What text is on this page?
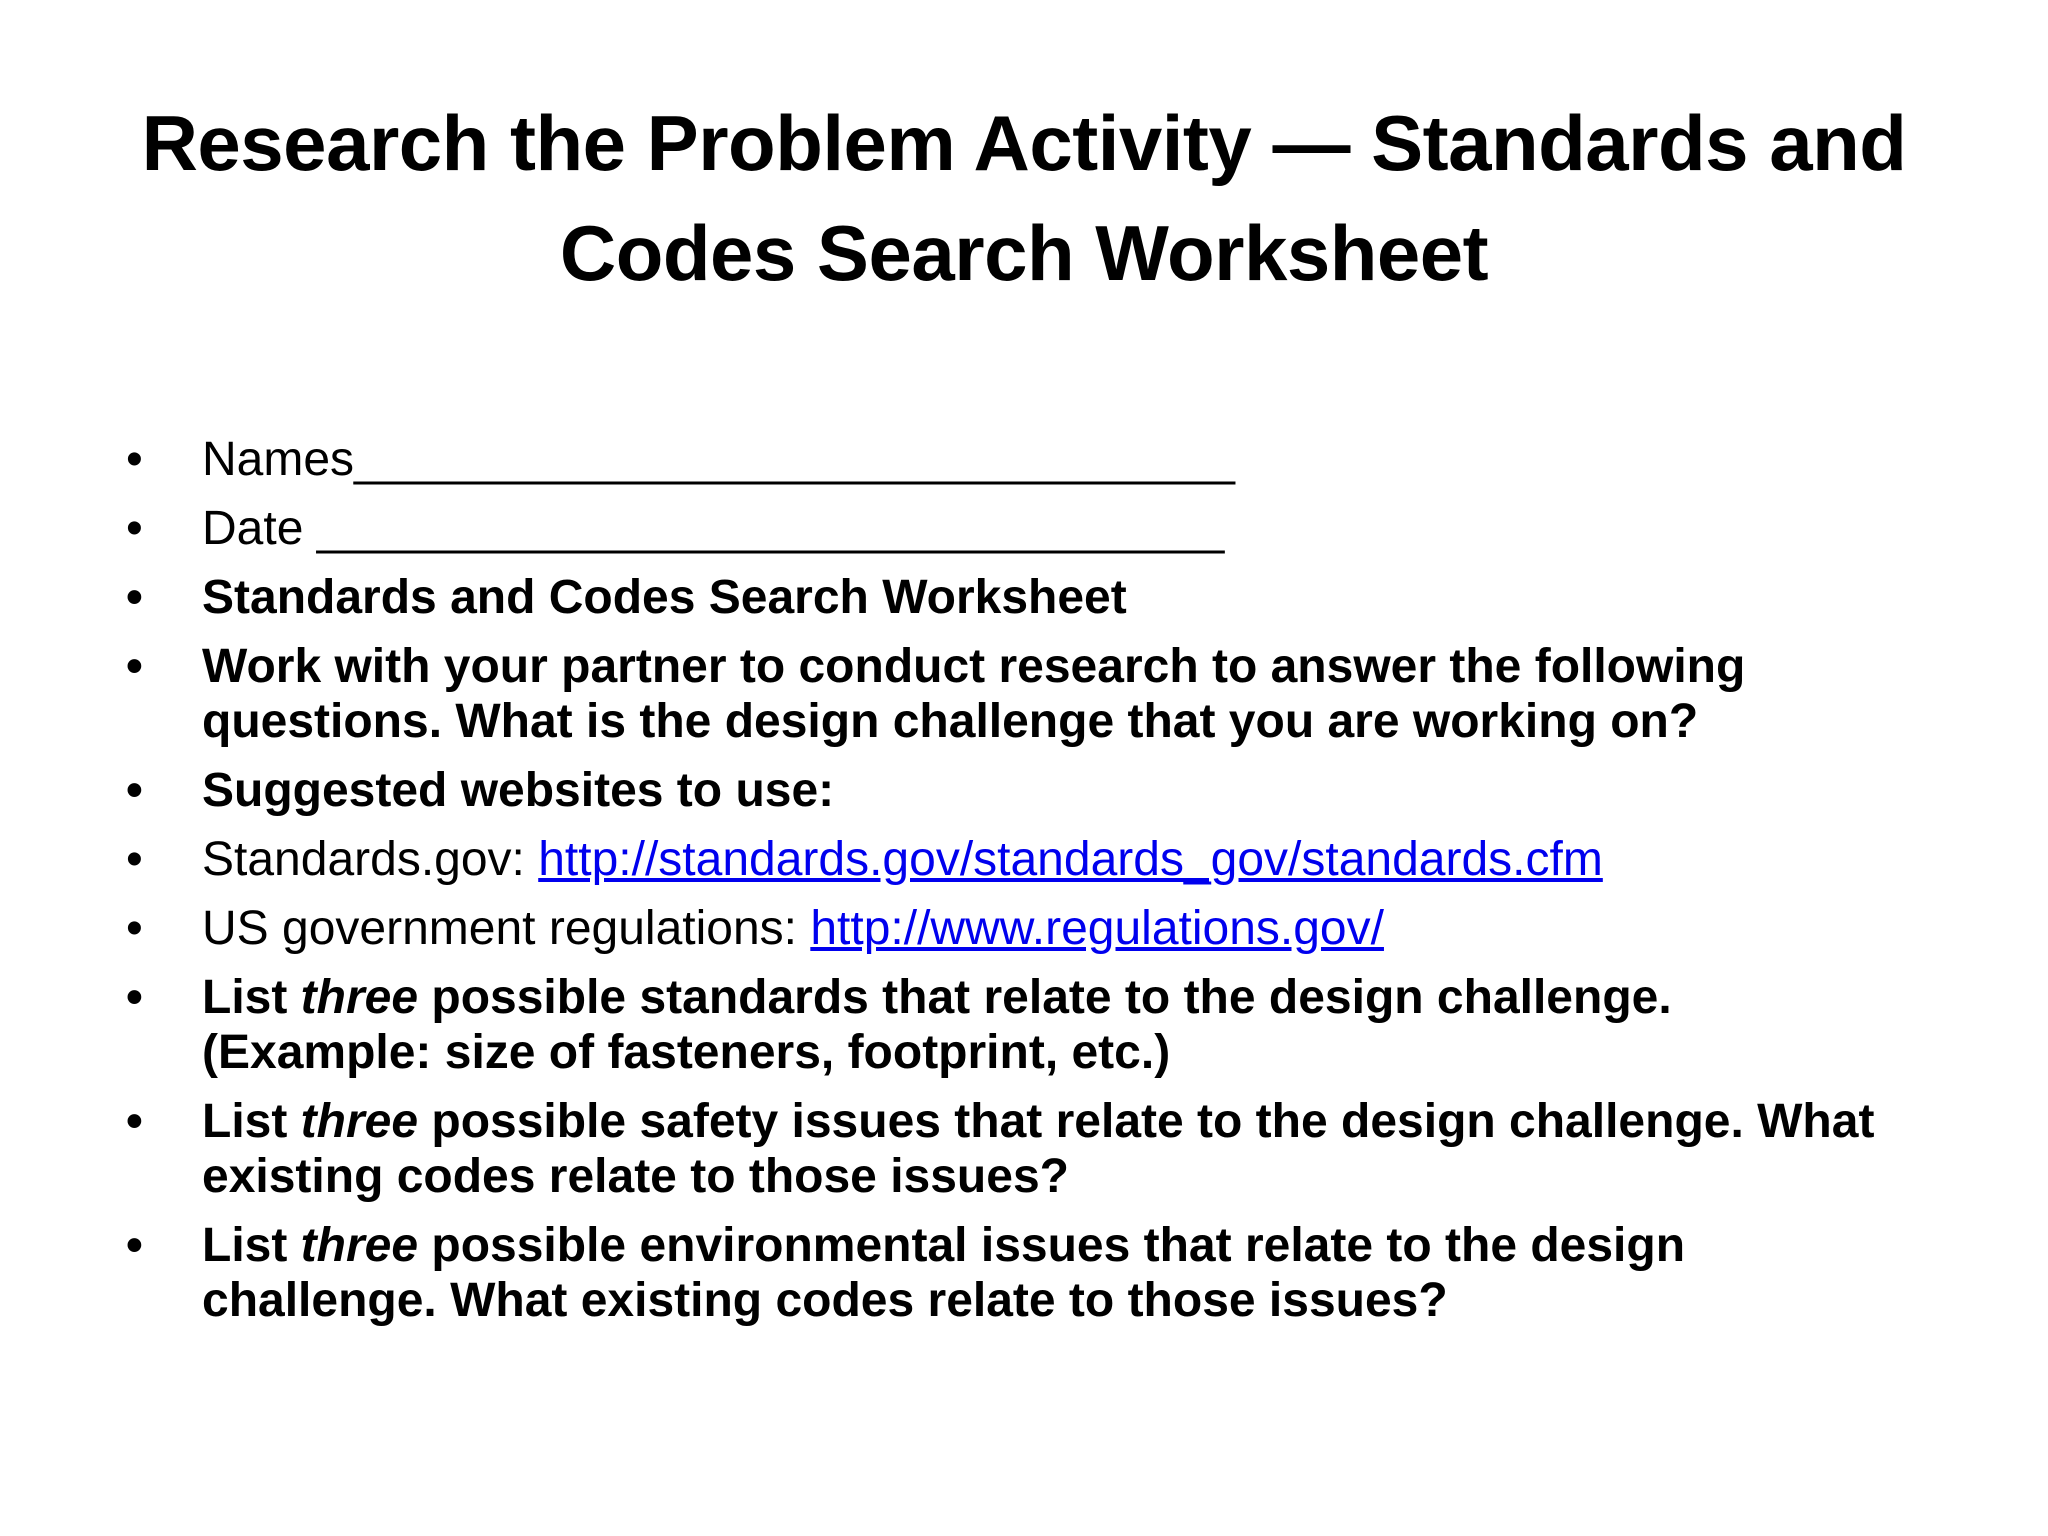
Research the Problem Activity — Standards and
Codes Search Worksheet
• Names_________________________________
• Date __________________________________
• Standards and Codes Search Worksheet
• Work with your partner to conduct research to answer the following
questions. What is the design challenge that you are working on?
• Suggested websites to use:
• Standards.gov: http://standards.gov/standards_gov/standards.cfm
• US government regulations: http://www.regulations.gov/
• List three possible standards that relate to the design challenge.
(Example: size of fasteners, footprint, etc.)
• List three possible safety issues that relate to the design challenge. What
existing codes relate to those issues?
• List three possible environmental issues that relate to the design
challenge. What existing codes relate to those issues?
